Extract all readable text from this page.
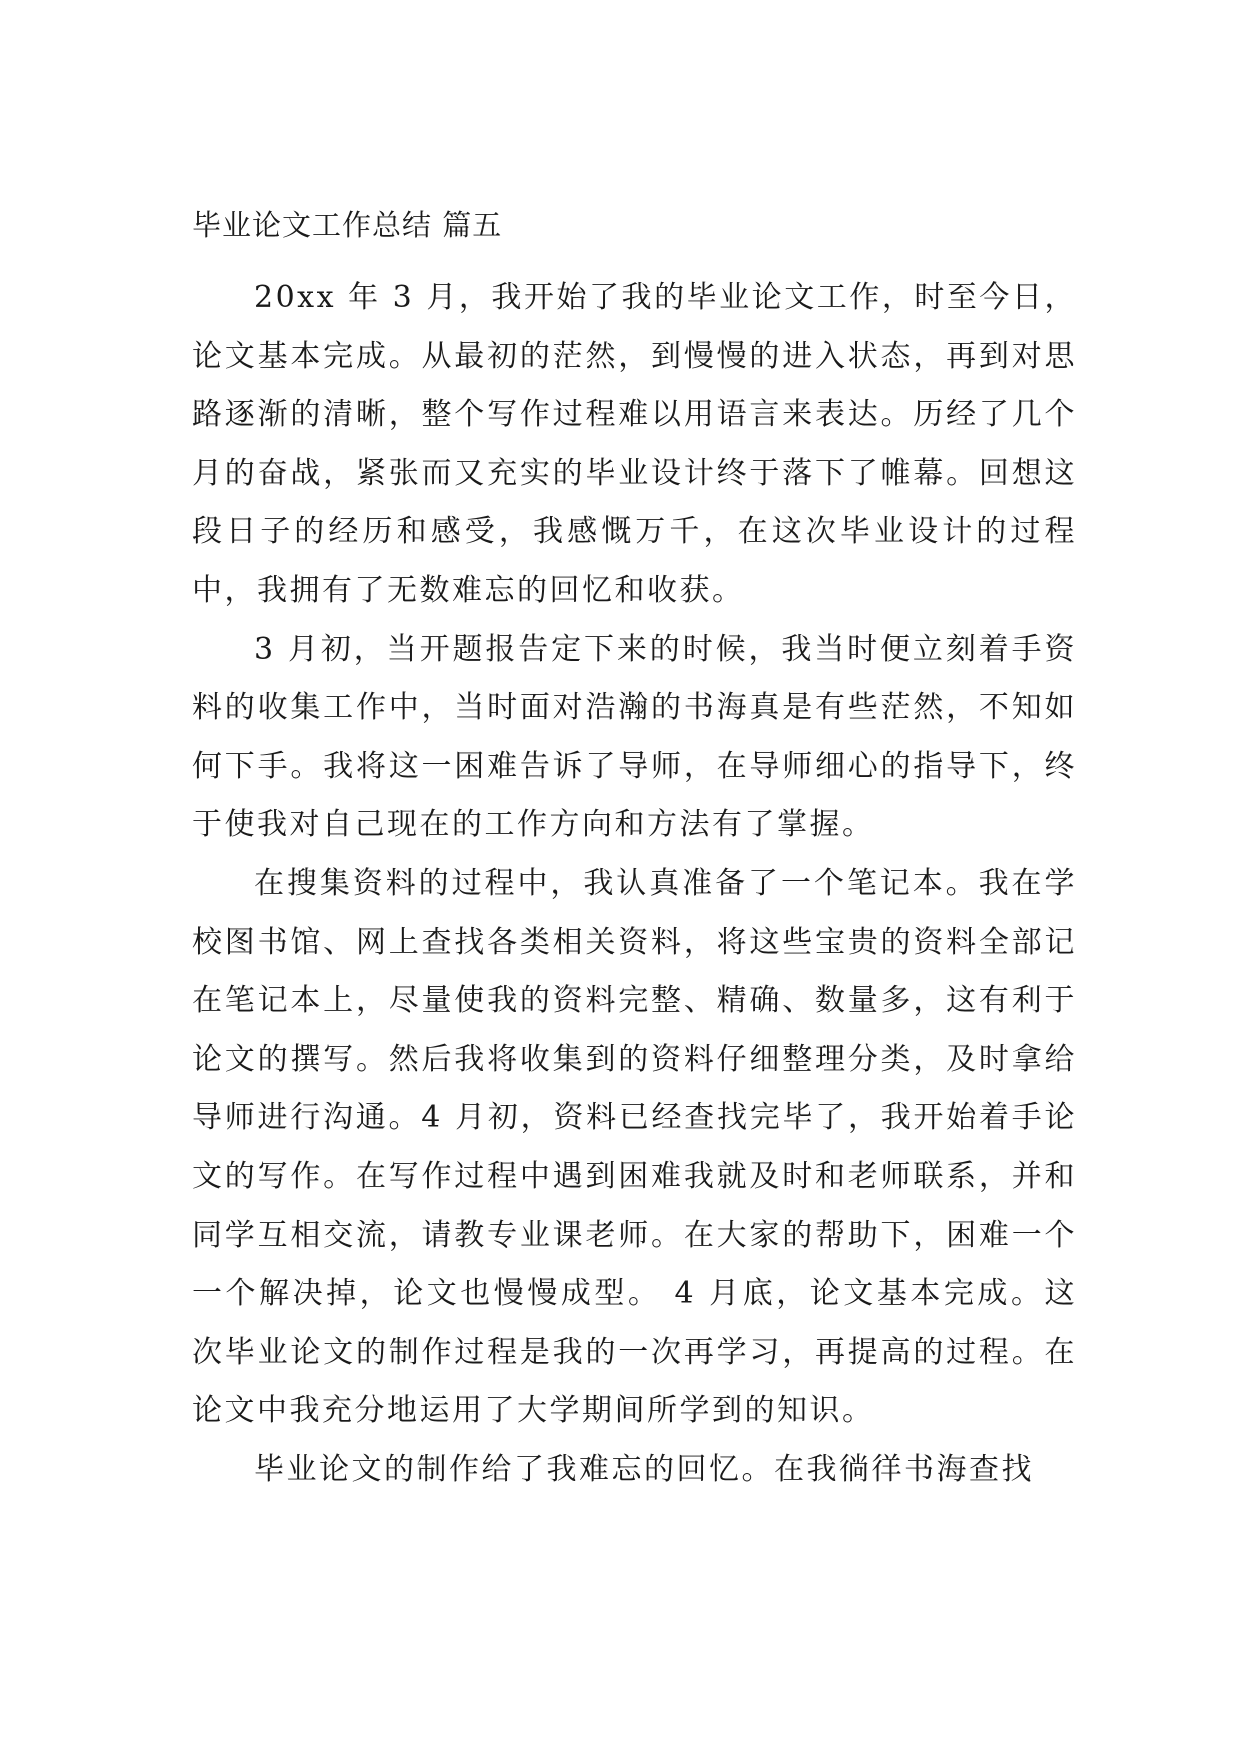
毕业论文工作总结 篇五

20xx 年 3 月，我开始了我的毕业论文工作，时至今日，论文基本完成。从最初的茫然，到慢慢的进入状态，再到对思路逐渐的清晰，整个写作过程难以用语言来表达。历经了几个月的奋战，紧张而又充实的毕业设计终于落下了帷幕。回想这段日子的经历和感受，我感慨万千，在这次毕业设计的过程中，我拥有了无数难忘的回忆和收获。

3 月初，当开题报告定下来的时候，我当时便立刻着手资料的收集工作中，当时面对浩瀚的书海真是有些茫然，不知如何下手。我将这一困难告诉了导师，在导师细心的指导下，终于使我对自己现在的工作方向和方法有了掌握。

在搜集资料的过程中，我认真准备了一个笔记本。我在学校图书馆、网上查找各类相关资料，将这些宝贵的资料全部记在笔记本上，尽量使我的资料完整、精确、数量多，这有利于论文的撰写。然后我将收集到的资料仔细整理分类，及时拿给导师进行沟通。4 月初，资料已经查找完毕了，我开始着手论文的写作。在写作过程中遇到困难我就及时和老师联系，并和同学互相交流，请教专业课老师。在大家的帮助下，困难一个一个解决掉，论文也慢慢成型。 4 月底，论文基本完成。这次毕业论文的制作过程是我的一次再学习，再提高的过程。在论文中我充分地运用了大学期间所学到的知识。

毕业论文的制作给了我难忘的回忆。在我徜徉书海查找
